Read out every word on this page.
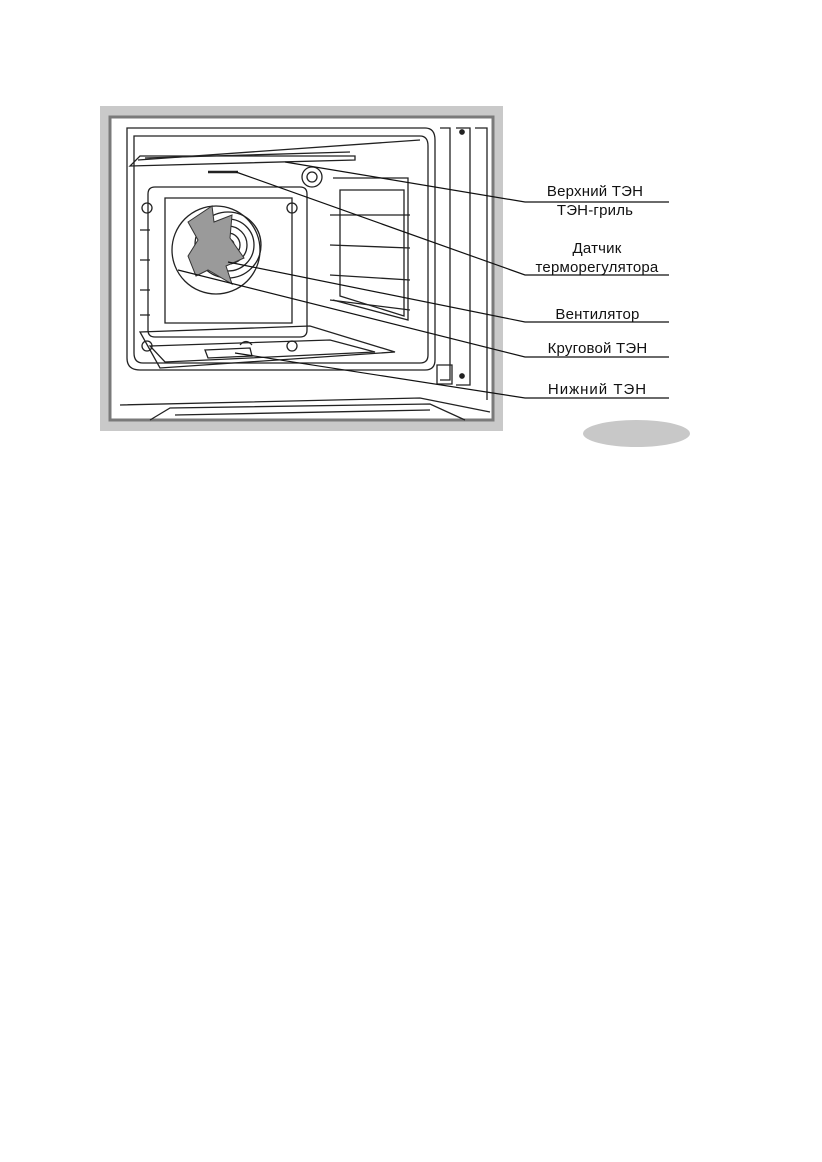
Верхний ТЭН
ТЭН-гриль
Датчик
терморегулятора
Вентилятор
Круговой ТЭН
Нижний ТЭН
